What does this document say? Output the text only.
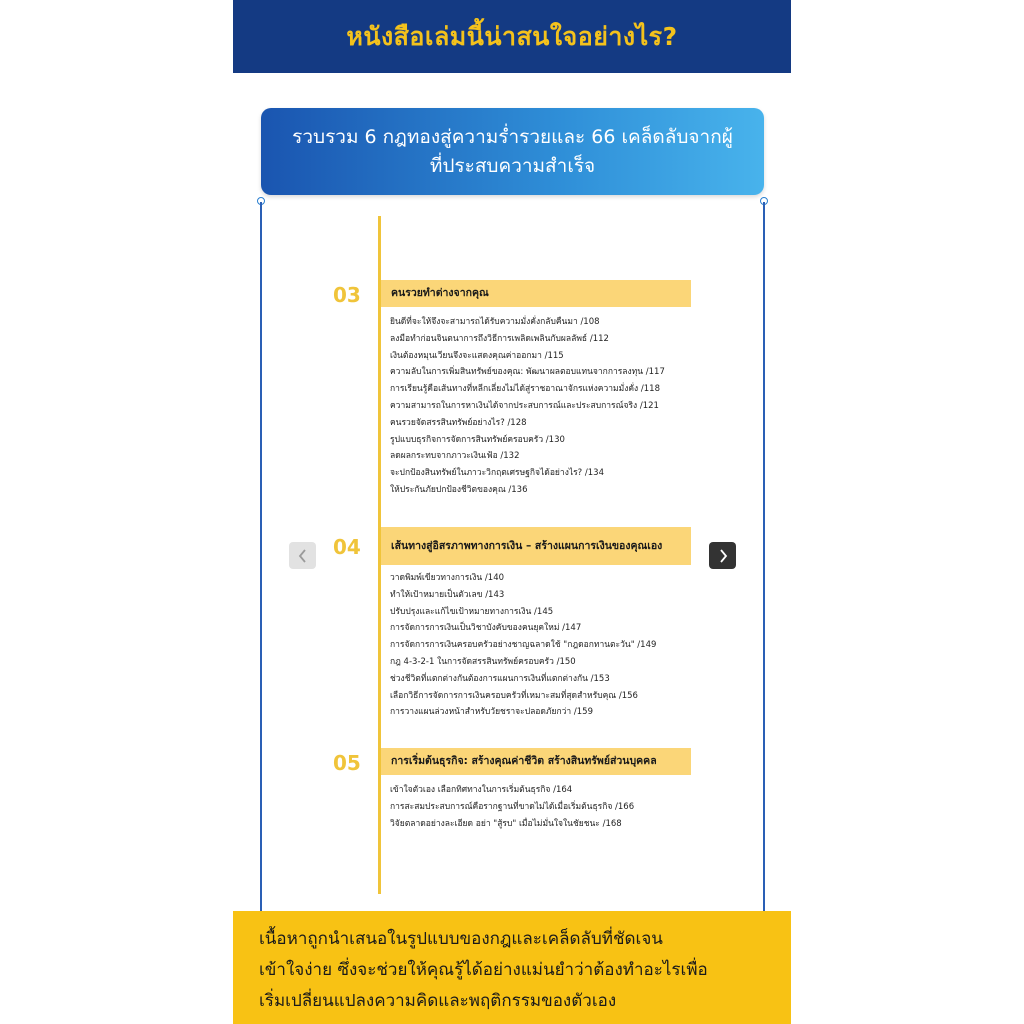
หนังสือเล่มนี้น่าสนใจอย่างไร?
รวบรวม 6 กฎทองสู่ความร่ำรวยและ 66 เคล็ดลับจากผู้ที่ประสบความสำเร็จ
03	คนรวยทำต่างจากคุณ
ยินดีที่จะให้จึงจะสามารถได้รับความมั่งคั่งกลับคืนมา /108
ลงมือทำก่อนจินตนาการถึงวิธีการเพลิดเพลินกับผลลัพธ์ /112
เงินต้องหมุนเวียนจึงจะแสดงคุณค่าออกมา /115
ความลับในการเพิ่มสินทรัพย์ของคุณ: พัฒนาผลตอบแทนจากการลงทุน /117
การเรียนรู้คือเส้นทางที่หลีกเลี่ยงไม่ได้สู่ราชอาณาจักรแห่งความมั่งคั่ง /118
ความสามารถในการหาเงินได้จากประสบการณ์และประสบการณ์จริง /121
คนรวยจัดสรรสินทรัพย์อย่างไร? /128
รูปแบบธุรกิจการจัดการสินทรัพย์ครอบครัว /130
ลดผลกระทบจากภาวะเงินเฟ้อ /132
จะปกป้องสินทรัพย์ในภาวะวิกฤตเศรษฐกิจได้อย่างไร? /134
ให้ประกันภัยปกป้องชีวิตของคุณ /136
04	เส้นทางสู่อิสรภาพทางการเงิน – สร้างแผนการเงินของคุณเอง
วาดพิมพ์เขียวทางการเงิน /140
ทำให้เป้าหมายเป็นตัวเลข /143
ปรับปรุงและแก้ไขเป้าหมายทางการเงิน /145
การจัดการการเงินเป็นวิชาบังคับของคนยุคใหม่ /147
การจัดการการเงินครอบครัวอย่างชาญฉลาดใช้ "กฎดอกทานตะวัน" /149
กฎ 4-3-2-1 ในการจัดสรรสินทรัพย์ครอบครัว /150
ช่วงชีวิตที่แตกต่างกันต้องการแผนการเงินที่แตกต่างกัน /153
เลือกวิธีการจัดการการเงินครอบครัวที่เหมาะสมที่สุดสำหรับคุณ /156
การวางแผนล่วงหน้าสำหรับวัยชราจะปลอดภัยกว่า /159
05	การเริ่มต้นธุรกิจ: สร้างคุณค่าชีวิต สร้างสินทรัพย์ส่วนบุคคล
เข้าใจตัวเอง เลือกทิศทางในการเริ่มต้นธุรกิจ /164
การสะสมประสบการณ์คือรากฐานที่ขาดไม่ได้เมื่อเริ่มต้นธุรกิจ /166
วิจัยตลาดอย่างละเอียด อย่า "สู้รบ" เมื่อไม่มั่นใจในชัยชนะ /168
เนื้อหาถูกนำเสนอในรูปแบบของกฎและเคล็ดลับที่ชัดเจน
เข้าใจง่าย ซึ่งจะช่วยให้คุณรู้ได้อย่างแม่นยำว่าต้องทำอะไรเพื่อ
เริ่มเปลี่ยนแปลงความคิดและพฤติกรรมของตัวเอง
